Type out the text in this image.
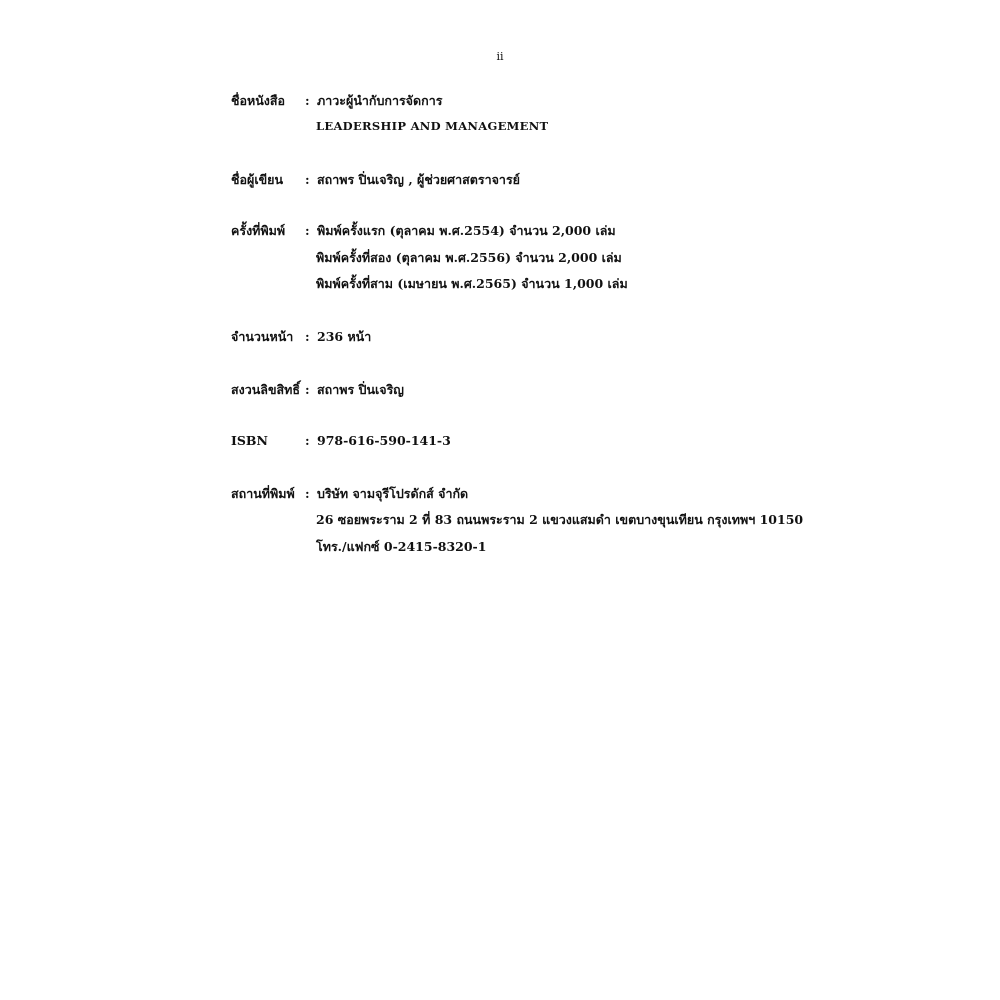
ii
ชื่อหนังสือ : ภาวะผู้นำกับการจัดการ
LEADERSHIP AND MANAGEMENT
ชื่อผู้เขียน : สถาพร ปิ่นเจริญ , ผู้ช่วยศาสตราจารย์
ครั้งที่พิมพ์ : พิมพ์ครั้งแรก (ตุลาคม พ.ศ.2554) จำนวน 2,000 เล่ม
พิมพ์ครั้งที่สอง (ตุลาคม พ.ศ.2556) จำนวน 2,000 เล่ม
พิมพ์ครั้งที่สาม (เมษายน พ.ศ.2565) จำนวน 1,000 เล่ม
จำนวนหน้า : 236 หน้า
สงวนลิขสิทธิ์ : สถาพร ปิ่นเจริญ
ISBN	: 978-616-590-141-3
สถานที่พิมพ์ : บริษัท จามจุรีโปรดักส์ จำกัด
26 ซอยพระราม 2 ที่ 83 ถนนพระราม 2 แขวงแสมดำ เขตบางขุนเทียน กรุงเทพฯ 10150
โทร./แฟกซ์ 0-2415-8320-1
